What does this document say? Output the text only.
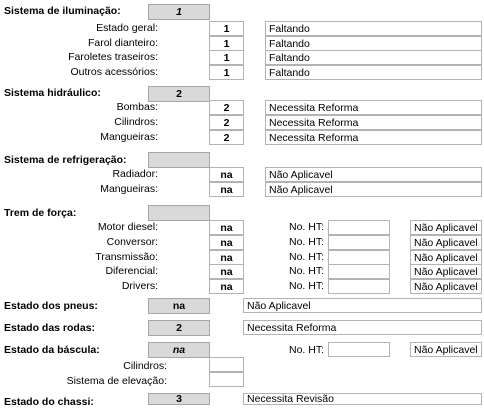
Sistema de iluminação:	1
Estado geral:	1	Faltando
Farol dianteiro:	1	Faltando
Faroletes traseiros:	1	Faltando
Outros acessórios:	1	Faltando
Sistema hidráulico:	2
Bombas:	2	Necessita Reforma
Cilindros:	2	Necessita Reforma
Mangueiras:	2	Necessita Reforma
Sistema de refrigeração:
Radiador:	na	Não Aplicavel
Mangueiras:	na	Não Aplicavel
Trem de força:
Motor diesel:	na	No. HT:	Não Aplicavel
Conversor:	na	No. HT:	Não Aplicavel
Transmissão:	na	No. HT:	Não Aplicavel
Diferencial:	na	No. HT:	Não Aplicavel
Drivers:	na	No. HT:	Não Aplicavel
Estado dos pneus:	na	Não Aplicavel
Estado das rodas:	2	Necessita Reforma
Estado da báscula:	na	No. HT:	Não Aplicavel
Cilindros:
Sistema de elevação:
Estado do chassi:	3	Necessita Revisão
